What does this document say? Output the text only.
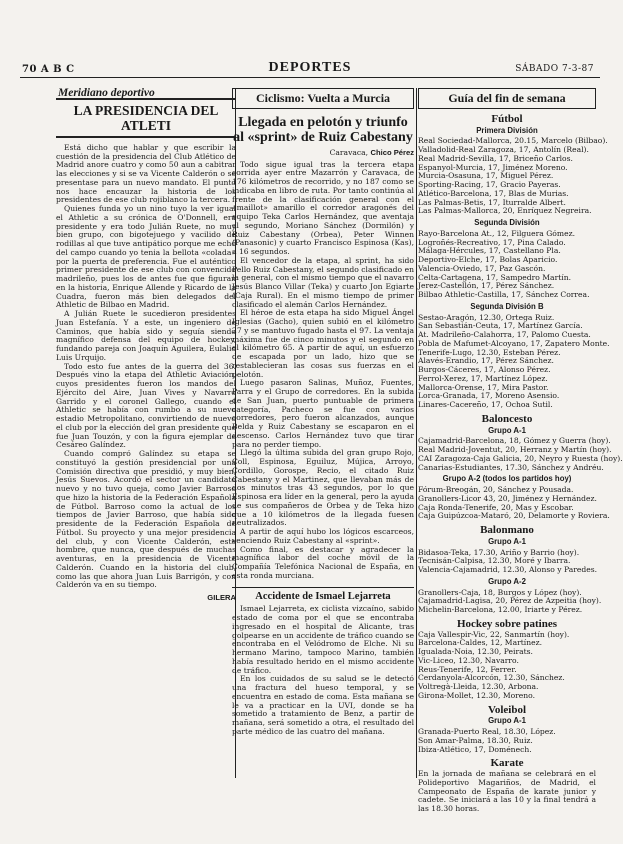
70 A B C	DEPORTES	SÁBADO 7-3-87
Meridiano deportivo
LA PRESIDENCIA DEL ATLETI

Está dicho que hablar y que escribir la cuestión de la presidencia del Club Atlético de Madrid anore cuatro y como 50 aun a cabitrar las elecciones y si se va Vicente Calderón o se presentase para un nuevo mandato. El punto nos hace encauzar la historia de los presidentes de ese club rojiblanco la tercera.

Quienes funda yo un nino tuyo la ver igual el Athletic a su crónica de O'Donnell, era presidente y era todo Julián Ruete, no muy bien grupo, con bigotejuego y vacilido de rodillas al que tuve antipático porque me echó del campo cuando yo tenia la bellota «colada» por la puerta de preferencia. Fue el auténtico primer presidente de ese club con convencido madrileño, pues los de antes fue que figuran en la historia, Enrique Allende y Ricardo de la Cuadra, fueron más bien delegados del Athletic de Bilbao en Madrid.

A Julián Ruete le sucedieron presidentes Juan Estefanía. Y a este, un ingeniero de Caminos, que había sido y seguía siendo magnífico defensa del equipo de hockey, fundando pareja con Joaquín Aguilera, Eulalio Luis Urquijo.

Todo esto fue antes de la guerra del 36. Después vino la etapa del Athletic Aviación, cuyos presidentes fueron los mandos del Ejército del Aire, Juan Vives y Navarro Garrido y el coronel Gallego, cuando el Athletic se había con rumbo a su nuevo estadio Metropolitano, convirtiendo de nuevo el club por la elección del gran presidente que fue Juan Touzón, y con la figura ejemplar de Cesáreo Galíndez.

Cuando compró Galíndez su etapa se constituyó la gestión presidencial por una Comisión directiva que presidió, y muy bien, Jesús Suevos. Acordó el sector un candidato nuevo y no tuvo queja, como Javier Barroso que hizo la historia de la Federación Española de Fútbol. Barroso como la actual de los tiempos de Javier Barroso, que había sido presidente de la Federación Española de Fútbol. Su proyecto y una mejor presidencia del club, y con Vicente Calderón, este hombre, que nunca, que después de muchas aventuras, en la presidencia de Vicente Calderón. Cuando en la historia del club, como las que ahora Juan Luis Barrigón, y con Calderón va en su tiempo.

GILERA
Ciclismo: Vuelta a Murcia
Llegada en pelotón y triunfo al «sprint» de Ruiz Cabestany
Caravaca, Chico Pérez

Todo sigue igual tras la tercera etapa corrida ayer entre Mazarrón y Caravaca, de 176 kilómetros de recorrido, y no 187 como se indicaba en libro de ruta. Por tanto continúa al frente de la clasificación general con el «maillot» amarillo el corredor aragonés del equipo Teka Carlos Hernández, que aventaja al segundo, Moriano Sánchez (Dormilón) y Ruiz Cabestany (Orbea), Peter Winnen (Panasonic) y cuarto Francisco Espinosa (Kas), a 16 segundos.

El vencedor de la etapa, al sprint, ha sido Pello Ruiz Cabestany, el segundo clasificado en la general, con el mismo tiempo que el navarro Jesús Blanco Villar (Teka) y cuarto Jon Egiarte (Caja Rural). En el mismo tiempo de primer clasificado el alemán Carlos Hernández.

El héroe de esta etapa ha sido Miguel Ángel Iglesias (Gacho), quien subió en el kilómetro 27 y se mantuvo fugado hasta el 97. La ventaja máxima fue de cinco minutos y el segundo en el kilómetro 65. A partir de aquí, un esfuerzo de escapada por un lado, hizo que se restablecieran las cosas sus fuerzas en el pelotón.

Luego pasaron Salinas, Muñoz, Fuentes, Parra y el Grupo de corredores. En la subida de San Juan, puerto puntuable de primera categoría, Pacheco se fue con varios corredores, pero fueron alcanzados, aunque Belda y Ruiz Cabestany se escaparon en el descenso. Carlos Hernández tuvo que tirar para no perder tiempo.

Llegó la última subida del gran grupo Rojo, Coll, Espinosa, Eguiluz, Mújica, Arroyo, Cordillo, Gorospe, Recio, el citado Ruiz Cabestany y el Martinez, que llevaban más de dos minutos tras 43 segundos, por lo que Espinosa era líder en la general, pero la ayuda de sus compañeros de Orbea y de Teka hizo que a 10 kilómetros de la llegada fuesen neutralizados.

A partir de aquí hubo los lógicos escarceos, venciendo Ruiz Cabestany al «sprint».

Como final, es destacar y agradecer la magnífica labor del coche móvil de la Compañía Telefónica Nacional de España, en esta ronda murciana.

Accidente de Ismael Lejarreta

Ismael Lejarreta, ex ciclista vizcaíno, sabido estado de coma por el que se encontraba ingresado en el hospital de Alicante, tras golpearse en un accidente de tráfico cuando se encontraba en el Velódromo de Elche. Ni su hermano Marino, tampoco Marino, también había resultado herido en el mismo accidente de tráfico.

En los cuidados de su salud se le detectó una fractura del hueso temporal, y se encuentra en estado de coma. Esta mañana se le va a practicar en la UVI, donde se ha sometido a tratamiento de Benz, a partir de mañana, será sometido a otra, el resultado del parte médico de las cuatro del mañana.

Guía del fin de semana
Fútbol
Primera División
Real Sociedad-Mallorca, 20.15, Marcelo (Bilbao).
Valladolid-Real Zaragoza, 17, Antolín (Real).
Real Madrid-Sevilla, 17, Briceño Carlos.
Espanyol-Murcia, 17, Jiménez Moreno.
Murcia-Osasuna, 17, Miguel Pérez.
Sporting-Racing, 17, Gracio Payeras.
Atlético-Barcelona, 17, Blas de Murias.
Las Palmas-Betis, 17, Iturralde Albert.
Las Palmas-Mallorca, 20, Enríquez Negreira.
Segunda División
Rayo-Barcelona At., 12, Filguera Gómez.
Logroñés-Recreativo, 17, Pina Calado.
Málaga-Hércules, 17, Castellano Pla.
Deportivo-Elche, 17, Bolas Aparicio.
Valencia-Oviedo, 17, Paz Gascón.
Celta-Cartagena, 17, Sampedro Martín.
Jerez-Castellón, 17, Pérez Sánchez.
Bilbao Athletic-Castilla, 17, Sánchez Correa.
Segunda División B
Sestao-Aragón, 12.30, Ortega Ruiz.
San Sebastián-Ceuta, 17, Martínez García.
At. Madrileño-Calahorra, 17, Palomo Cuesta.
Pobla de Mafumet-Alcoyano, 17, Zapatero Monte.
Tenerife-Lugo, 12.30, Esteban Pérez.
Alavés-Erandio, 17, Pérez Sánchez.
Burgos-Cáceres, 17, Alonso Pérez.
Ferrol-Xerez, 17, Martínez López.
Mallorca-Orense, 17, Mira Pastor.
Lorca-Granada, 17, Moreno Asensio.
Linares-Cacereño, 17, Ochoa Sutil.
Baloncesto
Grupo A-1
Cajamadrid-Barcelona, 18, Gómez y Guerra (hoy).
Real Madrid-Joventut, 20, Herranz y Martín (hoy).
CAI Zaragoza-Caja Galicia, 20, Neyro y Ruesta (hoy).
Canarias-Estudiantes, 17.30, Sánchez y Andréu.
Grupo A-2 (todos los partidos hoy)
Fórum-Breogán, 20, Sánchez y Pousada.
Granollers-Licor 43, 20, Jiménez y Hernández.
Caja Ronda-Tenerife, 20, Mas y Escobar.
Caja Guipúzcoa-Mataró, 20, Delamorte y Roviera.
Balonmano
Grupo A-1
Bidasoa-Teka, 17.30, Ariño y Barrio (hoy).
Tecnisán-Calpisa, 12.30, Moré y Ibarra.
Valencia-Cajamadrid, 12.30, Alonso y Paredes.
Grupo A-2
Granollers-Caja, 18, Burgos y López (hoy).
Cajamadrid-Lagisa, 20, Pérez de Azpeitia (hoy).
Michelin-Barcelona, 12.00, Iriarte y Pérez.
Hockey sobre patines
Caja Vallespir-Vic, 22, Sanmartín (hoy).
Barcelona-Caldes, 12, Martínez.
Igualada-Noia, 12.30, Peirats.
Vic-Liceo, 12.30, Navarro.
Reus-Tenerife, 12, Ferrer.
Cerdanyola-Alcorcón, 12.30, Sánchez.
Voltregà-Lleida, 12.30, Arbona.
Girona-Mollet, 12.30, Moreno.
Voleibol
Grupo A-1
Granada-Puerto Real, 18.30, López.
Son Amar-Palma, 18.30, Ruiz.
Ibiza-Atlético, 17, Doménech.
Karate
En la jornada de mañana se celebrará en el Polideportivo Magariños, de Madrid, el Campeonato de España de karate junior y cadete. Se iniciará a las 10 y la final tendrá a las 18.30 horas.
